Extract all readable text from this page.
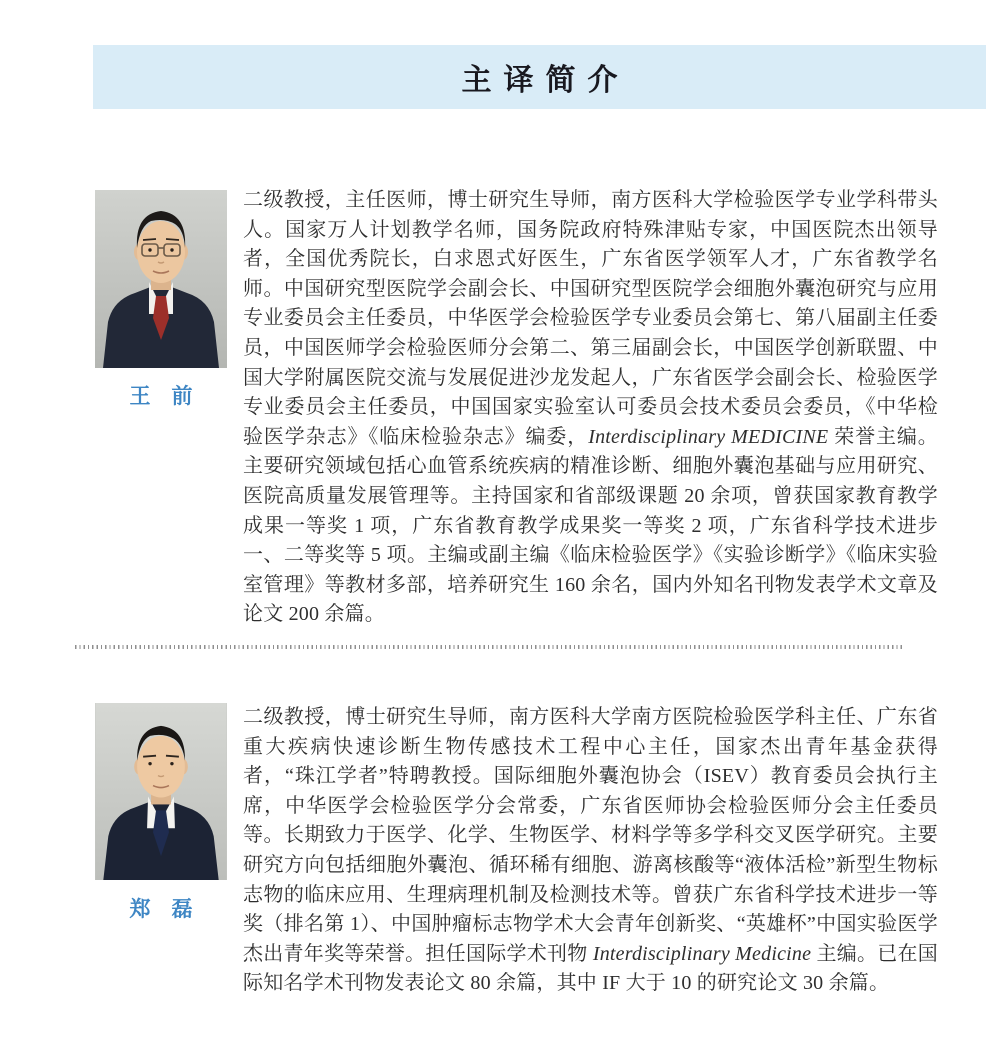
主译简介
王　前
二级教授，主任医师，博士研究生导师，南方医科大学检验医学专业学科带头人。国家万人计划教学名师，国务院政府特殊津贴专家，中国医院杰出领导者，全国优秀院长，白求恩式好医生，广东省医学领军人才，广东省教学名师。中国研究型医院学会副会长、中国研究型医院学会细胞外囊泡研究与应用专业委员会主任委员，中华医学会检验医学专业委员会第七、第八届副主任委员，中国医师学会检验医师分会第二、第三届副会长，中国医学创新联盟、中国大学附属医院交流与发展促进沙龙发起人，广东省医学会副会长、检验医学专业委员会主任委员，中国国家实验室认可委员会技术委员会委员，《中华检验医学杂志》《临床检验杂志》编委，Interdisciplinary MEDICINE 荣誉主编。主要研究领域包括心血管系统疾病的精准诊断、细胞外囊泡基础与应用研究、医院高质量发展管理等。主持国家和省部级课题 20 余项，曾获国家教育教学成果一等奖 1 项，广东省教育教学成果奖一等奖 2 项，广东省科学技术进步一、二等奖等 5 项。主编或副主编《临床检验医学》《实验诊断学》《临床实验室管理》等教材多部，培养研究生 160 余名，国内外知名刊物发表学术文章及论文 200 余篇。
郑　磊
二级教授，博士研究生导师，南方医科大学南方医院检验医学科主任、广东省重大疾病快速诊断生物传感技术工程中心主任，国家杰出青年基金获得者，“珠江学者”特聘教授。国际细胞外囊泡协会（ISEV）教育委员会执行主席，中华医学会检验医学分会常委，广东省医师协会检验医师分会主任委员等。长期致力于医学、化学、生物医学、材料学等多学科交叉医学研究。主要研究方向包括细胞外囊泡、循环稀有细胞、游离核酸等“液体活检”新型生物标志物的临床应用、生理病理机制及检测技术等。曾获广东省科学技术进步一等奖（排名第 1）、中国肿瘤标志物学术大会青年创新奖、“英雄杯”中国实验医学杰出青年奖等荣誉。担任国际学术刊物 Interdisciplinary Medicine 主编。已在国际知名学术刊物发表论文 80 余篇，其中 IF 大于 10 的研究论文 30 余篇。
